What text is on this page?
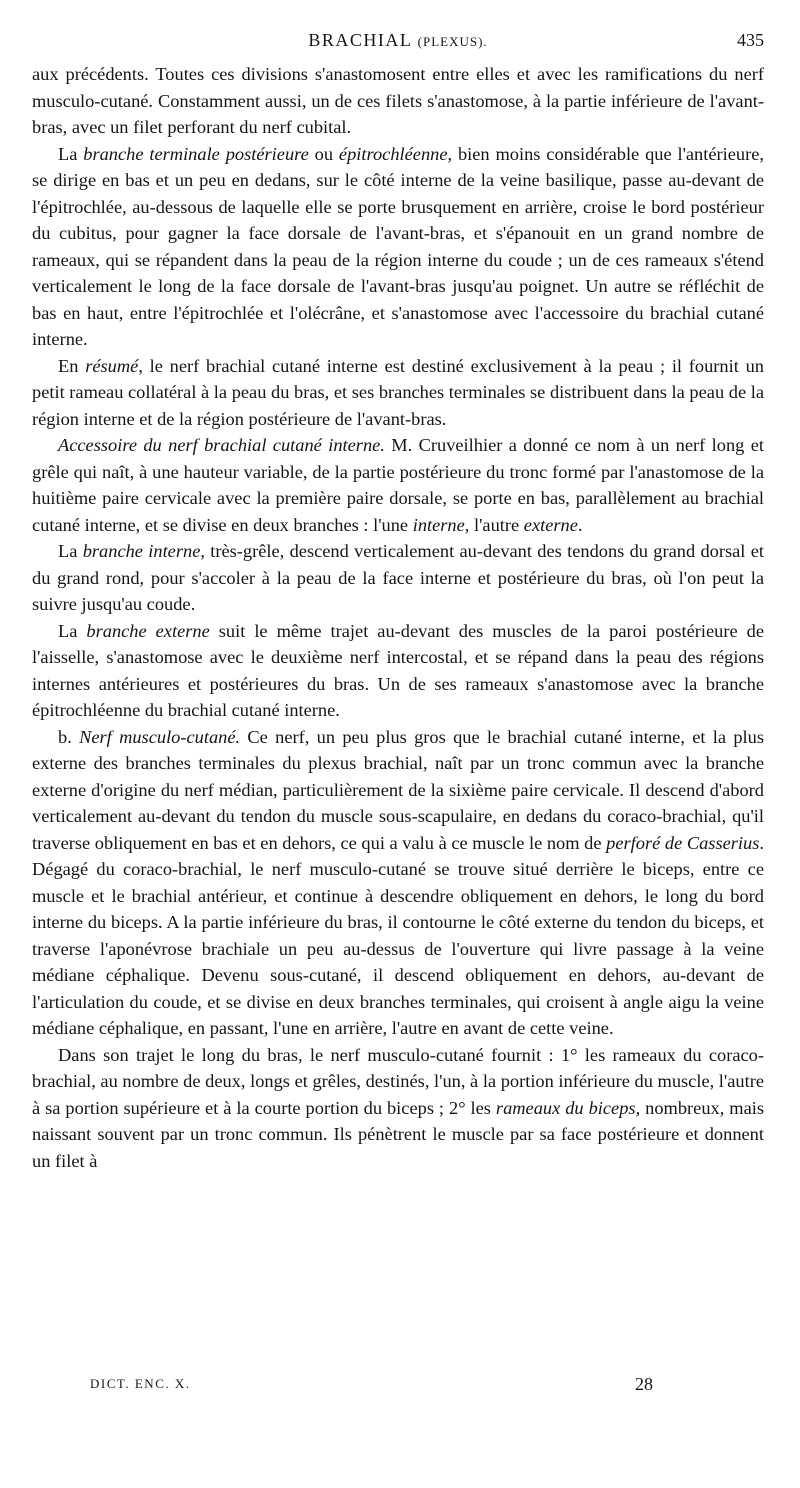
BRACHIAL (PLEXUS).	435

aux précédents. Toutes ces divisions s'anastomosent entre elles et avec les ramifications du nerf musculo-cutané. Constamment aussi, un de ces filets s'anastomose, à la partie inférieure de l'avant-bras, avec un filet perforant du nerf cubital.

La branche terminale postérieure ou épitrochléenne, bien moins considérable que l'antérieure, se dirige en bas et un peu en dedans, sur le côté interne de la veine basilique, passe au-devant de l'épitrochlée, au-dessous de laquelle elle se porte brusquement en arrière, croise le bord postérieur du cubitus, pour gagner la face dorsale de l'avant-bras, et s'épanouit en un grand nombre de rameaux, qui se répandent dans la peau de la région interne du coude ; un de ces rameaux s'étend verticalement le long de la face dorsale de l'avant-bras jusqu'au poignet. Un autre se réfléchit de bas en haut, entre l'épitrochlée et l'olécrâne, et s'anastomose avec l'accessoire du brachial cutané interne.

En résumé, le nerf brachial cutané interne est destiné exclusivement à la peau ; il fournit un petit rameau collatéral à la peau du bras, et ses branches terminales se distribuent dans la peau de la région interne et de la région postérieure de l'avant-bras.

Accessoire du nerf brachial cutané interne. M. Cruveilhier a donné ce nom à un nerf long et grêle qui naît, à une hauteur variable, de la partie postérieure du tronc formé par l'anastomose de la huitième paire cervicale avec la première paire dorsale, se porte en bas, parallèlement au brachial cutané interne, et se divise en deux branches : l'une interne, l'autre externe.

La branche interne, très-grêle, descend verticalement au-devant des tendons du grand dorsal et du grand rond, pour s'accoler à la peau de la face interne et postérieure du bras, où l'on peut la suivre jusqu'au coude.

La branche externe suit le même trajet au-devant des muscles de la paroi postérieure de l'aisselle, s'anastomose avec le deuxième nerf intercostal, et se répand dans la peau des régions internes antérieures et postérieures du bras. Un de ses rameaux s'anastomose avec la branche épitrochléenne du brachial cutané interne.

b. Nerf musculo-cutané. Ce nerf, un peu plus gros que le brachial cutané interne, et la plus externe des branches terminales du plexus brachial, naît par un tronc commun avec la branche externe d'origine du nerf médian, particulièrement de la sixième paire cervicale. Il descend d'abord verticalement au-devant du tendon du muscle sous-scapulaire, en dedans du coraco-brachial, qu'il traverse obliquement en bas et en dehors, ce qui a valu à ce muscle le nom de perforé de Casserius. Dégagé du coraco-brachial, le nerf musculo-cutané se trouve situé derrière le biceps, entre ce muscle et le brachial antérieur, et continue à descendre obliquement en dehors, le long du bord interne du biceps. A la partie inférieure du bras, il contourne le côté externe du tendon du biceps, et traverse l'aponévrose brachiale un peu au-dessus de l'ouverture qui livre passage à la veine médiane céphalique. Devenu sous-cutané, il descend obliquement en dehors, au-devant de l'articulation du coude, et se divise en deux branches terminales, qui croisent à angle aigu la veine médiane céphalique, en passant, l'une en arrière, l'autre en avant de cette veine.

Dans son trajet le long du bras, le nerf musculo-cutané fournit : 1° les rameaux du coraco-brachial, au nombre de deux, longs et grêles, destinés, l'un, à la portion inférieure du muscle, l'autre à sa portion supérieure et à la courte portion du biceps ; 2° les rameaux du biceps, nombreux, mais naissant souvent par un tronc commun. Ils pénètrent le muscle par sa face postérieure et donnent un filet à

DICT. ENC. X.	28
